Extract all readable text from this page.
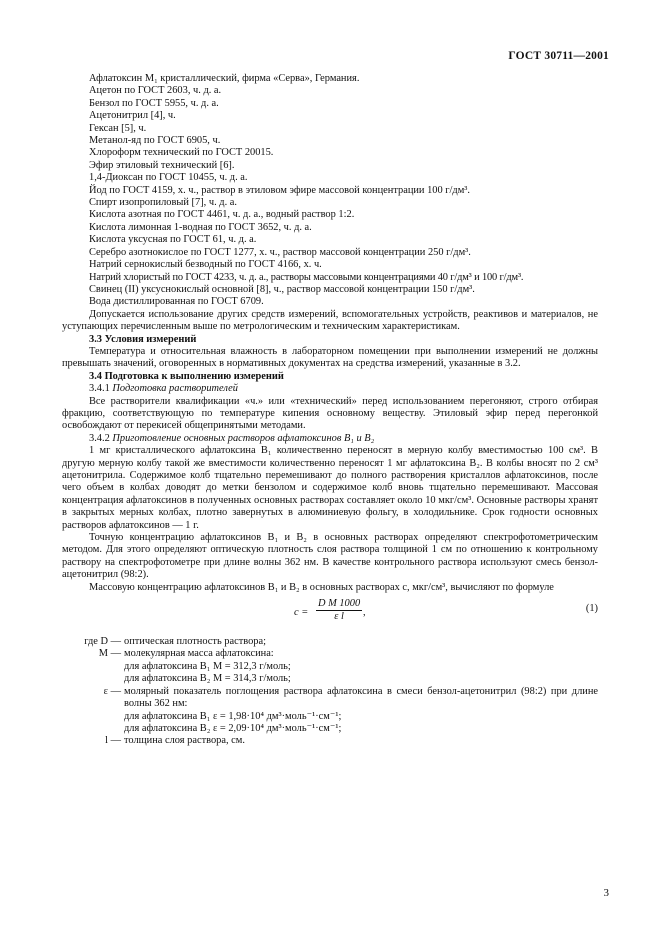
ГОСТ 30711—2001

Афлатоксин M₁ кристаллический, фирма «Серва», Германия.

Ацетон по ГОСТ 2603, ч. д. а.

Бензол по ГОСТ 5955, ч. д. а.

Ацетонитрил [4], ч.

Гексан [5], ч.

Метанол-яд по ГОСТ 6905, ч.

Хлороформ технический по ГОСТ 20015.

Эфир этиловый технический [6].

1,4-Диоксан по ГОСТ 10455, ч. д. а.

Йод по ГОСТ 4159, х. ч., раствор в этиловом эфире массовой концентрации 100 г/дм³.

Спирт изопропиловый [7], ч. д. а.

Кислота азотная по ГОСТ 4461, ч. д. а., водный раствор 1:2.

Кислота лимонная 1-водная по ГОСТ 3652, ч. д. а.

Кислота уксусная по ГОСТ 61, ч. д. а.

Серебро азотнокислое по ГОСТ 1277, х. ч., раствор массовой концентрации 250 г/дм³.

Натрий сернокислый безводный по ГОСТ 4166, х. ч.

Натрий хлористый по ГОСТ 4233, ч. д. а., растворы массовыми концентрациями 40 г/дм³ и 100 г/дм³.

Свинец (II) уксуснокислый основной [8], ч., раствор массовой концентрации 150 г/дм³.

Вода дистиллированная по ГОСТ 6709.

Допускается использование других средств измерений, вспомогательных устройств, реактивов и материалов, не уступающих перечисленным выше по метрологическим и техническим характеристикам.

3.3 Условия измерений

Температура и относительная влажность в лабораторном помещении при выполнении измерений не должны превышать значений, оговоренных в нормативных документах на средства измерений, указанные в 3.2.

3.4 Подготовка к выполнению измерений

3.4.1 Подготовка растворителей

Все растворители квалификации «ч.» или «технический» перед использованием перегоняют, строго отбирая фракцию, соответствующую по температуре кипения основному веществу. Этиловый эфир перед перегонкой освобождают от перекисей общепринятыми методами.

3.4.2 Приготовление основных растворов афлатоксинов B₁ и B₂

1 мг кристаллического афлатоксина B₁ количественно переносят в мерную колбу вместимостью 100 см³. В другую мерную колбу такой же вместимости количественно переносят 1 мг афлатоксина B₂. В колбы вносят по 2 см³ ацетонитрила. Содержимое колб тщательно перемешивают до полного растворения кристаллов афлатоксинов, после чего объем в колбах доводят до метки бензолом и содержимое колб вновь тщательно перемешивают. Массовая концентрация афлатоксинов в полученных основных растворах составляет около 10 мкг/см³. Основные растворы хранят в закрытых мерных колбах, плотно завернутых в алюминиевую фольгу, в холодильнике. Срок годности основных растворов афлатоксинов — 1 г.

Точную концентрацию афлатоксинов B₁ и B₂ в основных растворах определяют спектрофотометрическим методом. Для этого определяют оптическую плотность слоя раствора толщиной 1 см по отношению к контрольному раствору на спектрофотометре при длине волны 362 нм. В качестве контрольного раствора используют смесь бензол-ацетонитрил (98:2).

Массовую концентрацию афлатоксинов B₁ и B₂ в основных растворах c, мкг/см³, вычисляют по формуле

$c = \frac{\text{D M 1000}}{\text{ε l}}$ ,	(1)
где D — оптическая плотность раствора;
M — молекулярная масса афлатоксина:
для афлатоксина B₁ M = 312,3 г/моль;
для афлатоксина B₂ M = 314,3 г/моль;
ε — молярный показатель поглощения раствора афлатоксина в смеси бензол-ацетонитрил (98:2) при длине волны 362 нм:
для афлатоксина B₁ ε = 1,98·10⁴ дм³·моль⁻¹·см⁻¹;
для афлатоксина B₂ ε = 2,09·10⁴ дм³·моль⁻¹·см⁻¹;
l — толщина слоя раствора, см.
3
